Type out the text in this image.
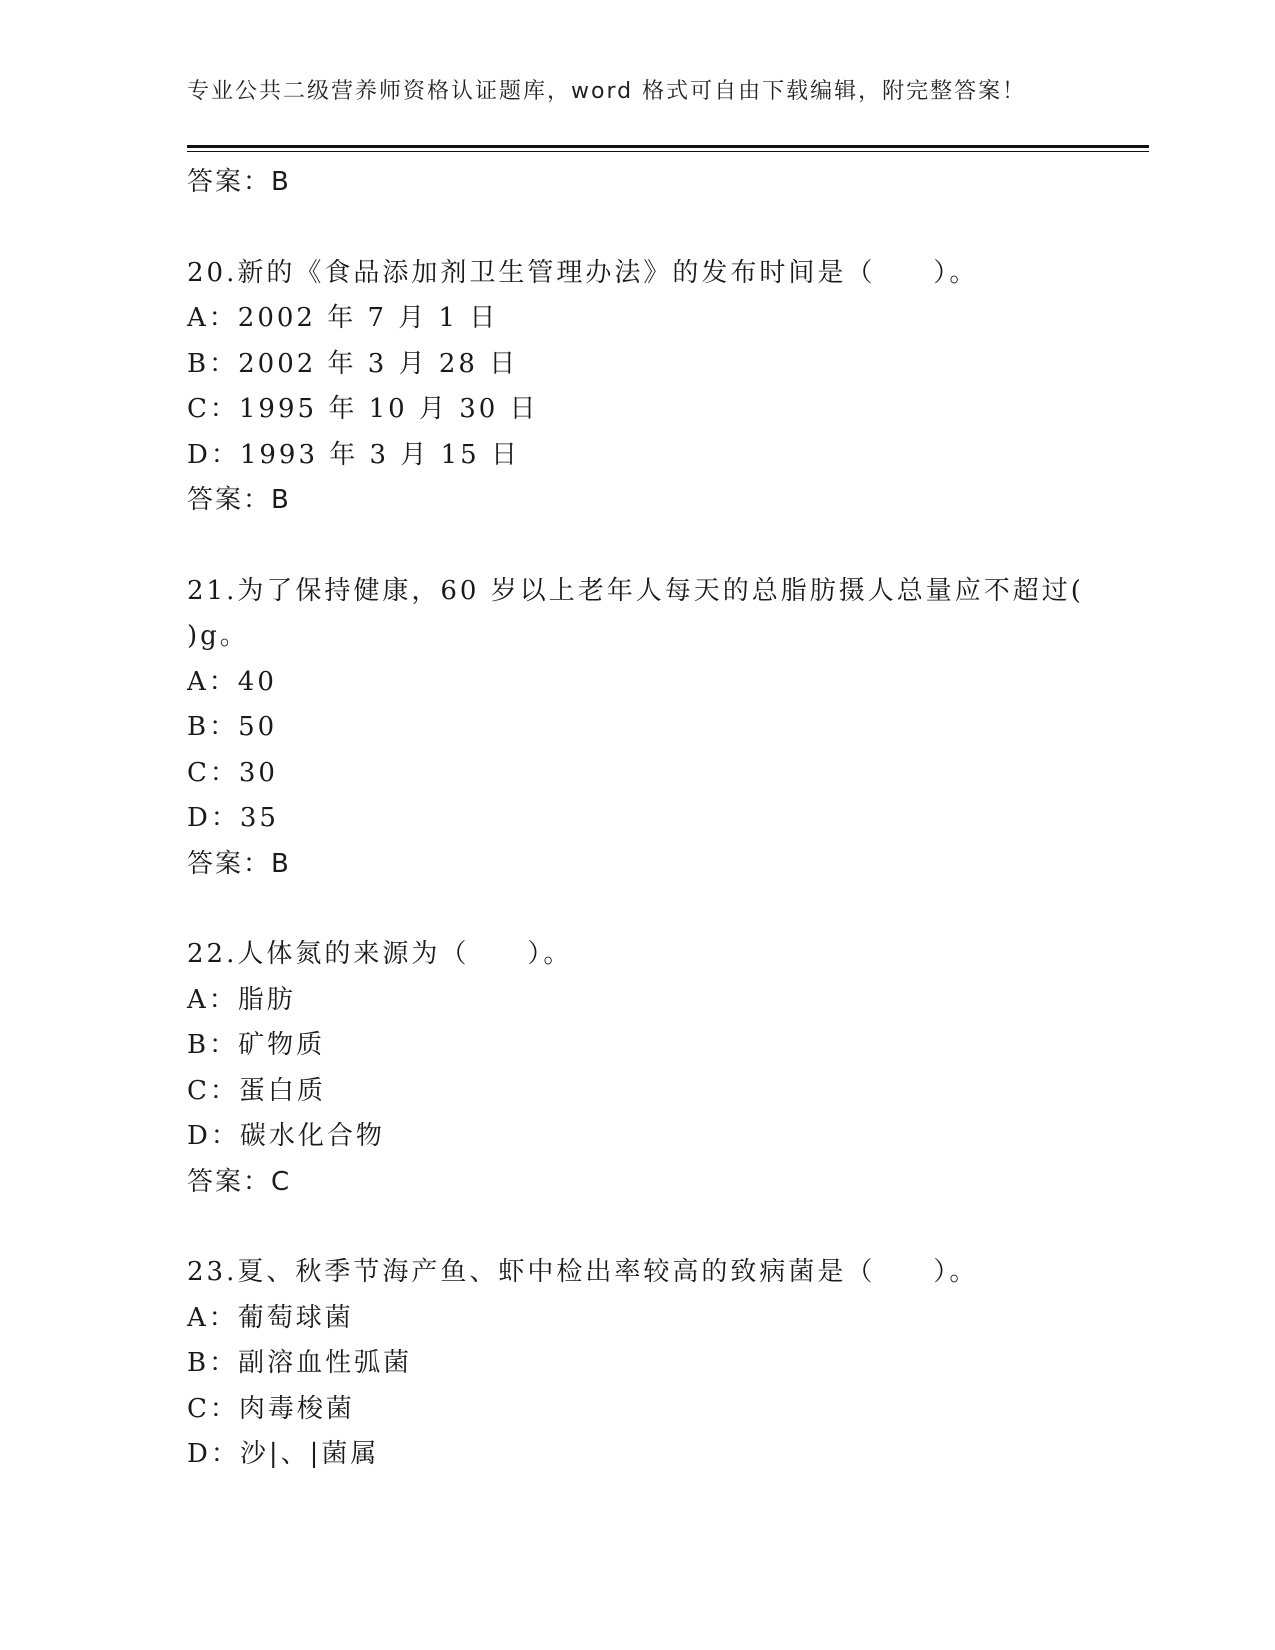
专业公共二级营养师资格认证题库，word 格式可自由下载编辑，附完整答案！
答案：B
20.新的《食品添加剂卫生管理办法》的发布时间是（　　）。
A：2002 年 7 月 1 日
B：2002 年 3 月 28 日
C：1995 年 10 月 30 日
D：1993 年 3 月 15 日
答案：B
21.为了保持健康，60 岁以上老年人每天的总脂肪摄人总量应不超过(
)g。
A：40
B：50
C：30
D：35
答案：B
22.人体氮的来源为（　　）。
A：脂肪
B：矿物质
C：蛋白质
D：碳水化合物
答案：C
23.夏、秋季节海产鱼、虾中检出率较高的致病菌是（　　）。
A：葡萄球菌
B：副溶血性弧菌
C：肉毒梭菌
D：沙|、|菌属
